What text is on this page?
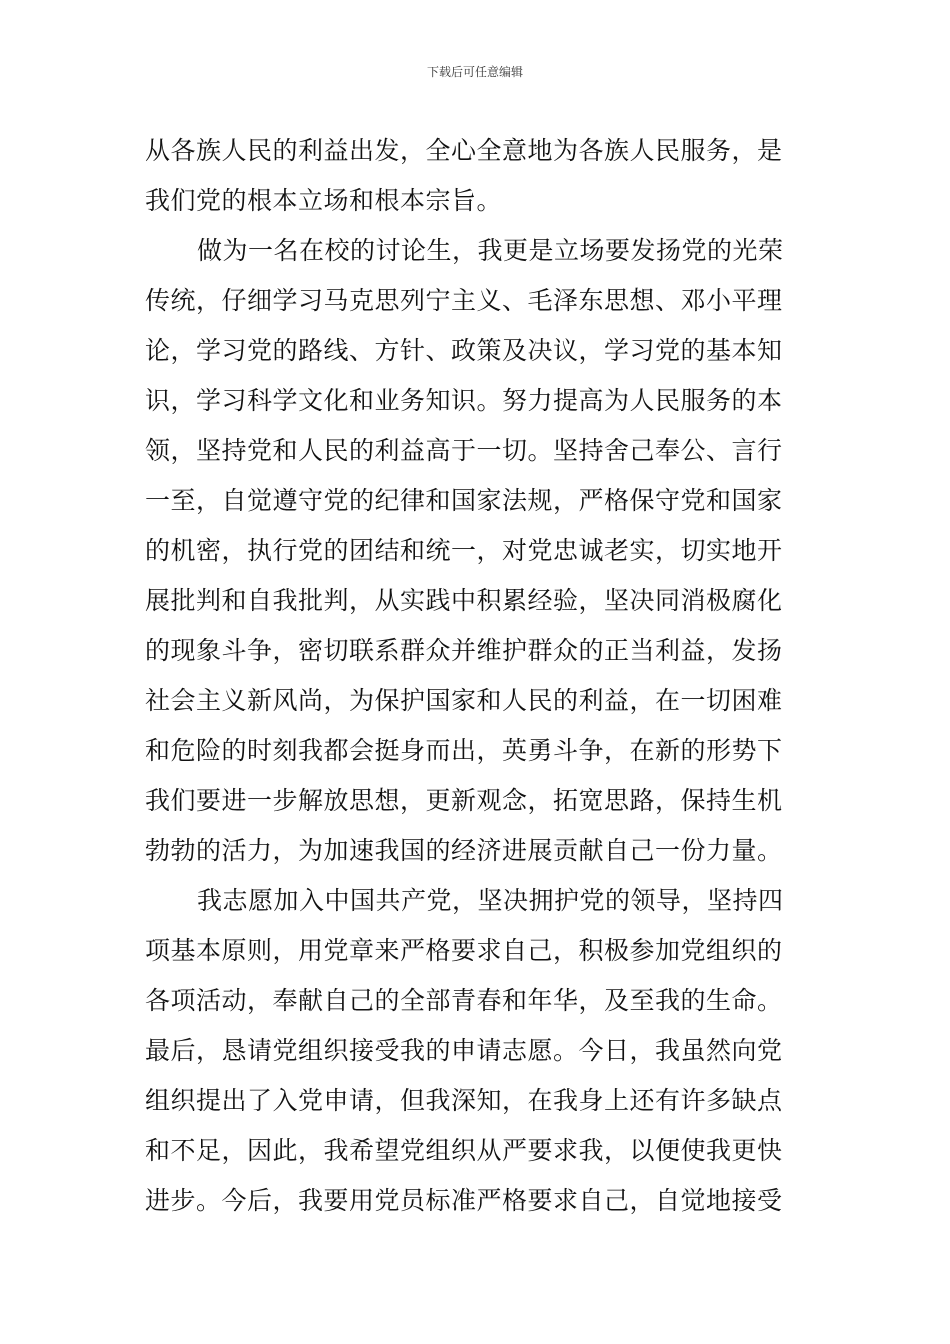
下载后可任意编辑
从各族人民的利益出发，全心全意地为各族人民服务，是
我们党的根本立场和根本宗旨。
做为一名在校的讨论生，我更是立场要发扬党的光荣
传统，仔细学习马克思列宁主义、毛泽东思想、邓小平理
论，学习党的路线、方针、政策及决议，学习党的基本知
识，学习科学文化和业务知识。努力提高为人民服务的本
领，坚持党和人民的利益高于一切。坚持舍己奉公、言行
一至，自觉遵守党的纪律和国家法规，严格保守党和国家
的机密，执行党的团结和统一，对党忠诚老实，切实地开
展批判和自我批判，从实践中积累经验，坚决同消极腐化
的现象斗争，密切联系群众并维护群众的正当利益，发扬
社会主义新风尚，为保护国家和人民的利益，在一切困难
和危险的时刻我都会挺身而出，英勇斗争，在新的形势下
我们要进一步解放思想，更新观念，拓宽思路，保持生机
勃勃的活力，为加速我国的经济进展贡献自己一份力量。
我志愿加入中国共产党，坚决拥护党的领导，坚持四
项基本原则，用党章来严格要求自己，积极参加党组织的
各项活动，奉献自己的全部青春和年华，及至我的生命。
最后，恳请党组织接受我的申请志愿。今日，我虽然向党
组织提出了入党申请，但我深知，在我身上还有许多缺点
和不足，因此，我希望党组织从严要求我，以便使我更快
进步。今后，我要用党员标准严格要求自己，自觉地接受
